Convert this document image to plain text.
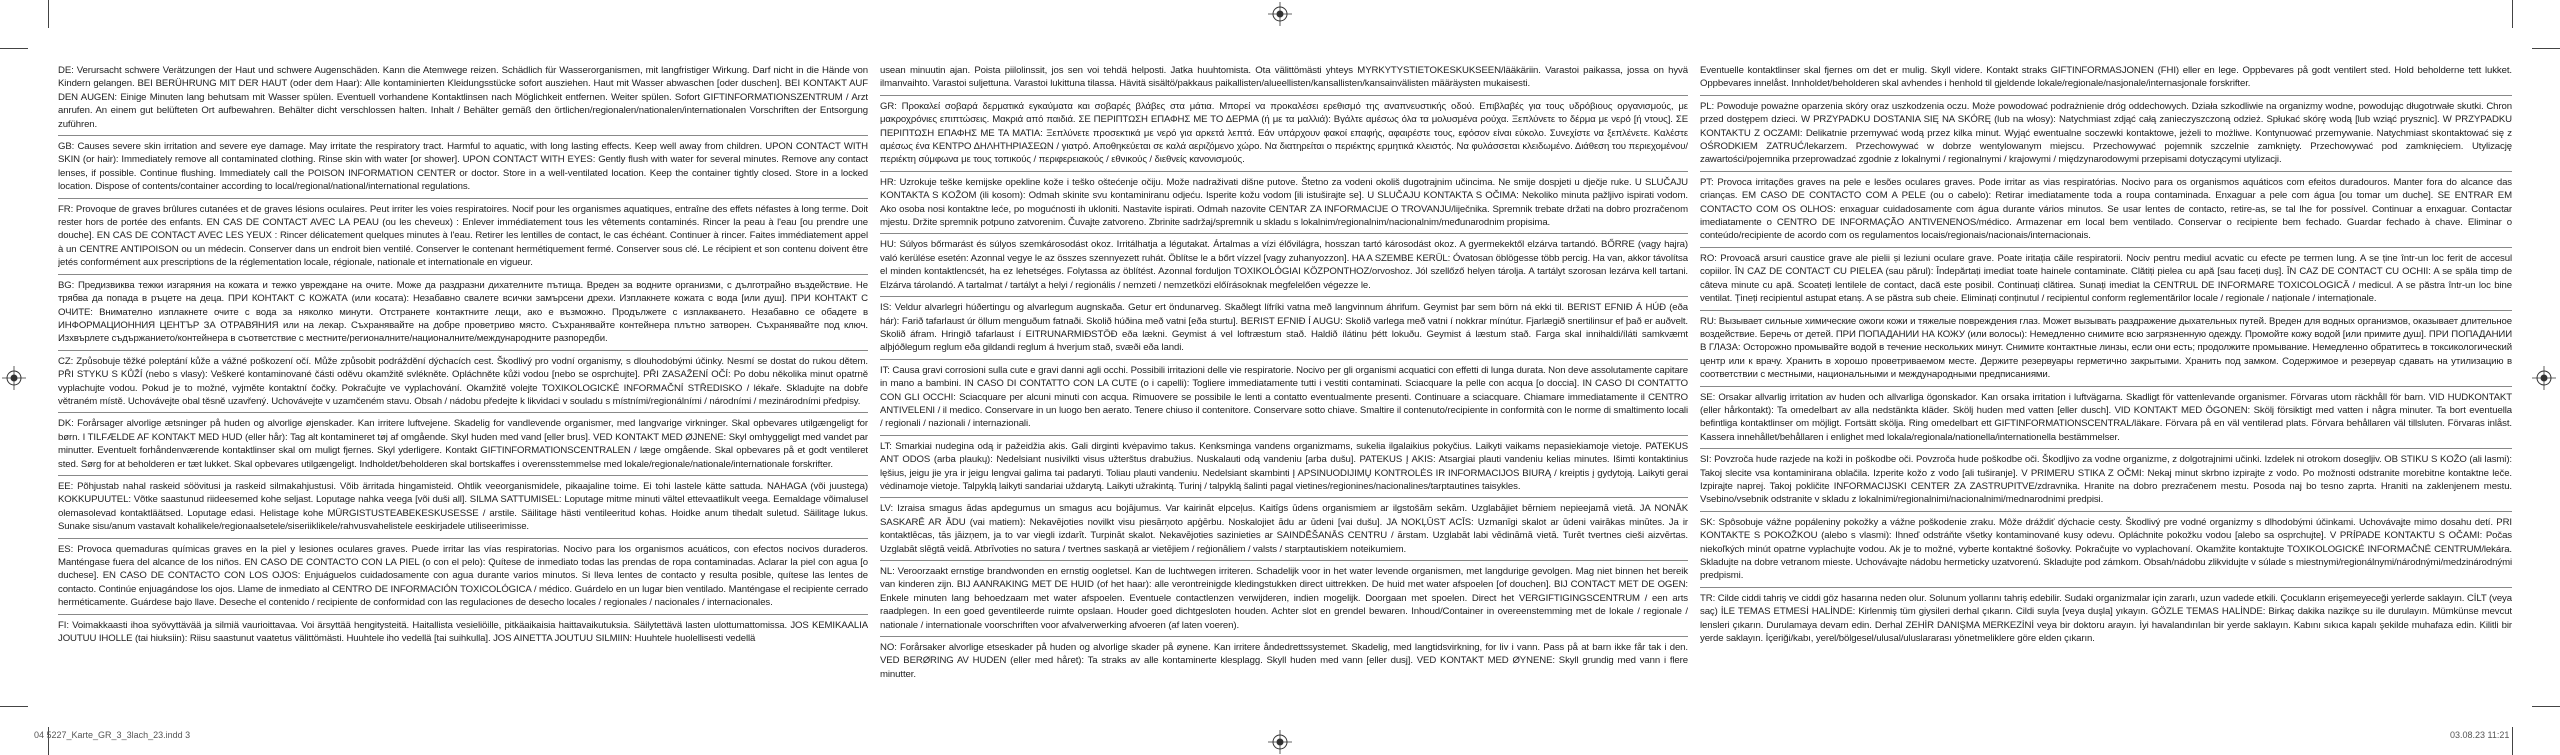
DE: Verursacht schwere Verätzungen der Haut und schwere Augenschäden. Kann die Atemwege reizen. Schädlich für Wasserorganismen, mit langfristiger Wirkung. Darf nicht in die Hände von Kindern gelangen. BEI BERÜHRUNG MIT DER HAUT (oder dem Haar): Alle kontaminierten Kleidungsstücke sofort ausziehen. Haut mit Wasser abwaschen [oder duschen]. BEI KONTAKT AUF DEN AUGEN: Einige Minuten lang behutsam mit Wasser spülen. Eventuell vorhandene Kontaktlinsen nach Möglichkeit entfernen. Weiter spülen. Sofort GIFTINFORMATIONSZENTRUM / Arzt anrufen. An einem gut belüfteten Ort aufbewahren. Behälter dicht verschlossen halten. Inhalt / Behälter gemäß den örtlichen/regionalen/nationalen/internationalen Vorschriften der Entsorgung zuführen.

GB: Causes severe skin irritation and severe eye damage. May irritate the respiratory tract. Harmful to aquatic, with long lasting effects. Keep well away from children. UPON CONTACT WITH SKIN (or hair): Immediately remove all contaminated clothing. Rinse skin with water [or shower]. UPON CONTACT WITH EYES: Gently flush with water for several minutes. Remove any contact lenses, if possible. Continue flushing. Immediately call the POISON INFORMATION CENTER or doctor. Store in a well-ventilated location. Keep the container tightly closed. Store in a locked location. Dispose of contents/container according to local/regional/national/international regulations.

FR: Provoque de graves brûlures cutanées et de graves lésions oculaires. Peut irriter les voies respiratoires. Nocif pour les organismes aquatiques, entraîne des effets néfastes à long terme. Doit rester hors de portée des enfants. EN CAS DE CONTACT AVEC LA PEAU (ou les cheveux) : Enlever immédiatement tous les vêtements contaminés. Rincer la peau à l'eau [ou prendre une douche]. EN CAS DE CONTACT AVEC LES YEUX : Rincer délicatement quelques minutes à l'eau. Retirer les lentilles de contact, le cas échéant. Continuer à rincer. Faites immédiatement appel à un CENTRE ANTIPOISON ou un médecin. Conserver dans un endroit bien ventilé. Conserver le contenant hermétiquement fermé. Conserver sous clé. Le récipient et son contenu doivent être jetés conformément aux prescriptions de la réglementation locale, régionale, nationale et internationale en vigueur.

BG: Предизвиква тежки изгаряния на кожата и тежко увреждане на очите. Може да раздразни дихателните пътища. Вреден за водните организми, с дълготрайно въздействие. Не трябва да попада в ръцете на деца. ПРИ КОНТАКТ С КОЖАТА (или косата): Незабавно свалете всички замърсени дрехи. Изплакнете кожата с вода [или душ]. ПРИ КОНТАКТ С ОЧИТЕ: Внимателно изплакнете очите с вода за няколко минути. Отстранете контактните лещи, ако е възможно. Продължете с изплакването. Незабавно се обадете в ИНФОРМАЦИОННИЯ ЦЕНТЪР ЗА ОТРАВЯНИЯ или на лекар. Съхранявайте на добре проветриво място. Съхранявайте контейнера плътно затворен. Съхранявайте под ключ. Изхвърлете съдържанието/контейнера в съответствие с местните/регионалните/националните/международните разпоредби.

CZ: Způsobuje těžké poleptání kůže a vážné poškození očí. Může způsobit podráždění dýchacích cest. Škodlivý pro vodní organismy, s dlouhodobými účinky. Nesmí se dostat do rukou dětem. PŘI STYKU S KŮŽÍ (nebo s vlasy): Veškeré kontaminované části oděvu okamžitě svlékněte. Opláchněte kůži vodou [nebo se osprchujte]. PŘI ZASAŽENÍ OČÍ: Po dobu několika minut opatrně vyplachujte vodou. Pokud je to možné, vyjměte kontaktní čočky. Pokračujte ve vyplachování. Okamžitě volejte TOXIKOLOGICKÉ INFORMAČNÍ STŘEDISKO / lékaře. Skladujte na dobře větraném místě. Uchovávejte obal těsně uzavřený. Uchovávejte v uzamčeném stavu. Obsah / nádobu předejte k likvidaci v souladu s místními/regionálními / národními / mezinárodními předpisy.

DK: Forårsager alvorlige ætsninger på huden og alvorlige øjenskader. Kan irritere luftvejene. Skadelig for vandlevende organismer, med langvarige virkninger. Skal opbevares utilgængeligt for børn. I TILFÆLDE AF KONTAKT MED HUD (eller hår): Tag alt kontamineret tøj af omgående. Skyl huden med vand [eller brus]. VED KONTAKT MED ØJNENE: Skyl omhyggeligt med vandet par minutter. Eventuelt forhåndenværende kontaktlinser skal om muligt fjernes. Skyl yderligere. Kontakt GIFTINFORMATIONSCENTRALEN / læge omgående. Skal opbevares på et godt ventileret sted. Sørg for at beholderen er tæt lukket. Skal opbevares utilgængeligt. Indholdet/beholderen skal bortskaffes i overensstemmelse med lokale/regionale/nationale/internationale forskrifter.

EE: Põhjustab nahal raskeid söövitusi ja raskeid silmakahjustusi. Võib ärritada hingamisteid. Ohtlik veeorganismidele, pikaajaline toime. Ei tohi lastele kätte sattuda. NAHAGA (või juustega) KOKKUPUUTEL: Võtke saastunud riideesemed kohe seljast. Loputage nahka veega [või duši all]. SILMA SATTUMISEL: Loputage mitme minuti vältel ettevaatlikult veega. Eemaldage võimalusel olemasolevad kontaktläätsed. Loputage edasi. Helistage kohe MÜRGISTUSTEABEKESKUSESSE / arstile. Säilitage hästi ventileeritud kohas. Hoidke anum tihedalt suletud. Säilitage lukus. Sunake sisu/anum vastavalt kohalikele/regionaalsetele/siseriiklikele/rahvusvahelistele eeskirjadele utiliseerimisse.

ES: Provoca quemaduras químicas graves en la piel y lesiones oculares graves. Puede irritar las vías respiratorias. Nocivo para los organismos acuáticos, con efectos nocivos duraderos. Manténgase fuera del alcance de los niños. EN CASO DE CONTACTO CON LA PIEL (o con el pelo): Quítese de inmediato todas las prendas de ropa contaminadas. Aclarar la piel con agua [o duchese]. EN CASO DE CONTACTO CON LOS OJOS: Enjuáguelos cuidadosamente con agua durante varios minutos. Si lleva lentes de contacto y resulta posible, quítese las lentes de contacto. Continúe enjuagándose los ojos. Llame de inmediato al CENTRO DE INFORMACIÓN TOXICOLÓGICA / médico. Guárdelo en un lugar bien ventilado. Manténgase el recipiente cerrado herméticamente. Guárdese bajo llave. Deseche el contenido / recipiente de conformidad con las regulaciones de desecho locales / regionales / nacionales / internacionales.

FI: Voimakkaasti ihoa syövyttävää ja silmiä vaurioittavaa. Voi ärsyttää hengitysteitä. Haitallista vesieliöille, pitkäaikaisia haittavaikutuksia. Säilytettävä lasten ulottumattomissa. JOS KEMIKAALIA JOUTUU IHOLLE (tai hiuksiin): Riisu saastunut vaatetus välittömästi. Huuhtele iho vedellä [tai suihkulla]. JOS AINETTA JOUTUU SILMIIN: Huuhtele huolellisesti vedellä

usean minuutin ajan. Poista piilolinssit, jos sen voi tehdä helposti. Jatka huuhtomista. Ota välittömästi yhteys MYRKYTYSTIETOKESKUKSEEN/lääkäriin. Varastoi paikassa, jossa on hyvä ilmanvaihto. Varastoi suljettuna. Varastoi lukittuna tilassa. Hävitä sisältö/pakkaus paikallisten/alueellisten/kansallisten/kansainvälisten määräysten mukaisesti.

GR: Προκαλεί σοβαρά δερματικά εγκαύματα και σοβαρές βλάβες στα μάτια. Μπορεί να προκαλέσει ερεθισμό της αναπνευστικής οδού. Επιβλαβές για τους υδρόβιους οργανισμούς, με μακροχρόνιες επιπτώσεις. Μακριά από παιδιά. ΣΕ ΠΕΡΙΠΤΩΣΗ ΕΠΑΦΗΣ ΜΕ ΤΟ ΔΕΡΜΑ (ή με τα μαλλιά): Βγάλτε αμέσως όλα τα μολυσμένα ρούχα. Ξεπλύνετε το δέρμα με νερό [ή ντους]. ΣΕ ΠΕΡΙΠΤΩΣΗ ΕΠΑΦΗΣ ΜΕ ΤΑ ΜΑΤΙΑ: Ξεπλύνετε προσεκτικά με νερό για αρκετά λεπτά. Εάν υπάρχουν φακοί επαφής, αφαιρέστε τους, εφόσον είναι εύκολο. Συνεχίστε να ξεπλένετε. Καλέστε αμέσως ένα ΚΕΝΤΡΟ ΔΗΛΗΤΗΡΙΑΣΕΩΝ / γιατρό. Αποθηκεύεται σε καλά αεριζόμενο χώρο. Να διατηρείται ο περιέκτης ερμητικά κλειστός. Να φυλάσσεται κλειδωμένο. Διάθεση του περιεχομένου/ περιέκτη σύμφωνα με τους τοπικούς / περιφερειακούς / εθνικούς / διεθνείς κανονισμούς.

HR: Uzrokuje teške kemijske opekline kože i teško oštećenje očiju. Može nadraživati dišne putove. Štetno za vodeni okoliš dugotrajnim učincima. Ne smije dospjeti u dječje ruke. U SLUČAJU KONTAKTA S KOŽOM (ili kosom): Odmah skinite svu kontaminiranu odjeću. Isperite kožu vodom [ili istuširajte se]. U SLUČAJU KONTAKTA S OČIMA: Nekoliko minuta pažljivo ispirati vodom. Ako osoba nosi kontaktne leće, po mogućnosti ih ukloniti. Nastavite ispirati. Odmah nazovite CENTAR ZA INFORMACIJE O TROVANJU/liječnika. Spremnik trebate držati na dobro prozračenom mjestu. Držite spremnik potpuno zatvorenim. Čuvajte zatvoreno. Zbrinite sadržaj/spremnik u skladu s lokalnim/regionalnim/nacionalnim/međunarodnim propisima.

HU: Súlyos bőrmarást és súlyos szemkárosodást okoz. Irritálhatja a légutakat. Ártalmas a vízi élővilágra, hosszan tartó károsodást okoz. A gyermekektől elzárva tartandó. BŐRRE (vagy hajra) való kerülése esetén: Azonnal vegye le az összes szennyezett ruhát. Öblítse le a bőrt vízzel [vagy zuhanyozzon]. HA A SZEMBE KERÜL: Óvatosan öblögesse több percig. Ha van, akkor távolítsa el minden kontaktlencsét, ha ez lehetséges. Folytassa az öblítést. Azonnal forduljon TOXIKOLÓGIAI KÖZPONTHOZ/orvoshoz. Jól szellőző helyen tárolja. A tartályt szorosan lezárva kell tartani. Elzárva tárolandó. A tartalmat / tartályt a helyi / regionális / nemzeti / nemzetközi előírásoknak megfelelően végezze le.

IS: Veldur alvarlegri húðertingu og alvarlegum augnskaða. Getur ert öndunarveg. Skaðlegt lífríki vatna með langvinnum áhrifum. Geymist þar sem börn ná ekki til. BERIST EFNIÐ Á HÚÐ (eða hár): Farið tafarlaust úr öllum menguðum fatnaði. Skolið húðina með vatni [eða sturtu]. BERIST EFNIÐ Í AUGU: Skolið varlega með vatni í nokkrar mínútur. Fjarlægið snertilinsur ef það er auðvelt. Skolið áfram. Hringið tafarlaust í EITRUNARMIÐSTÖÐ eða lækni. Geymist á vel loftræstum stað. Haldið ílátinu þétt lokuðu. Geymist á læstum stað. Farga skal innihaldi/íláti samkvæmt alþjóðlegum reglum eða gildandi reglum á hverjum stað, svæði eða landi.

IT: Causa gravi corrosioni sulla cute e gravi danni agli occhi. Possibili irritazioni delle vie respiratorie. Nocivo per gli organismi acquatici con effetti di lunga durata. Non deve assolutamente capitare in mano a bambini. IN CASO DI CONTATTO CON LA CUTE (o i capelli): Togliere immediatamente tutti i vestiti contaminati. Sciacquare la pelle con acqua [o doccia]. IN CASO DI CONTATTO CON GLI OCCHI: Sciacquare per alcuni minuti con acqua. Rimuovere se possibile le lenti a contatto eventualmente presenti. Continuare a sciacquare. Chiamare immediatamente il CENTRO ANTIVELENI / il medico. Conservare in un luogo ben aerato. Tenere chiuso il contenitore. Conservare sotto chiave. Smaltire il contenuto/recipiente in conformità con le norme di smaltimento locali / regionali / nazionali / internazionali.

LT: Smarkiai nudegina odą ir pažeidžia akis. Gali dirginti kvėpavimo takus. Kenksminga vandens organizmams, sukelia ilgalaikius pokyčius. Laikyti vaikams nepasiekiamoje vietoje. PATEKUS ANT ODOS (arba plaukų): Nedelsiant nusivilkti visus užterštus drabužius. Nuskalauti odą vandeniu [arba dušu]. PATEKUS Į AKIS: Atsargiai plauti vandeniu kelias minutes. Išimti kontaktinius lęšius, jeigu jie yra ir jeigu lengvai galima tai padaryti. Toliau plauti vandeniu. Nedelsiant skambinti Į APSINUODIJIMŲ KONTROLĖS IR INFORMACIJOS BIURĄ / kreiptis į gydytoją. Laikyti gerai vėdinamoje vietoje. Talpyklą laikyti sandariai uždarytą. Laikyti užrakintą. Turinį / talpyklą šalinti pagal vietines/regionines/nacionalines/tarptautines taisykles.

LV: Izraisa smagus ādas apdegumus un smagus acu bojājumus. Var kairināt elpceļus. Kaitīgs ūdens organismiem ar ilgstošām sekām. Uzglabājiet bērniem nepieejamā vietā. JA NONĀK SASKARĒ AR ĀDU (vai matiem): Nekavējoties novilkt visu piesārņoto apģērbu. Noskalojiet ādu ar ūdeni [vai dušu]. JA NOKĻŪST ACĪS: Uzmanīgi skalot ar ūdeni vairākas minūtes. Ja ir kontaktlēcas, tās jāizņem, ja to var viegli izdarīt. Turpināt skalot. Nekavējoties sazinieties ar SAINDĒŠANĀS CENTRU / ārstam. Uzglabāt labi vēdināmā vietā. Turēt tvertnes cieši aizvērtas. Uzglabāt slēgtā veidā. Atbrīvoties no satura / tvertnes saskaņā ar vietējiem / reģionāliem / valsts / starptautiskiem noteikumiem.

NL: Veroorzaakt ernstige brandwonden en ernstig oogletsel. Kan de luchtwegen irriteren. Schadelijk voor in het water levende organismen, met langdurige gevolgen. Mag niet binnen het bereik van kinderen zijn. BIJ AANRAKING MET DE HUID (of het haar): alle verontreinigde kledingstukken direct uittrekken. De huid met water afspoelen [of douchen]. BIJ CONTACT MET DE OGEN: Enkele minuten lang behoedzaam met water afspoelen. Eventuele contactlenzen verwijderen, indien mogelijk. Doorgaan met spoelen. Direct het VERGIFTIGINGSCENTRUM / een arts raadplegen. In een goed geventileerde ruimte opslaan. Houder goed dichtgesloten houden. Achter slot en grendel bewaren. Inhoud/Container in overeenstemming met de lokale / regionale / nationale / internationale voorschriften voor afvalverwerking afvoeren (af laten voeren).

NO: Forårsaker alvorlige etseskader på huden og alvorlige skader på øynene. Kan irritere åndedrettssystemet. Skadelig, med langtidsvirkning, for liv i vann. Pass på at barn ikke får tak i den. VED BERØRING AV HUDEN (eller med håret): Ta straks av alle kontaminerte klesplagg. Skyll huden med vann [eller dusj]. VED KONTAKT MED ØYNENE: Skyll grundig med vann i flere minutter.

Eventuelle kontaktlinser skal fjernes om det er mulig. Skyll videre. Kontakt straks GIFTINFORMASJONEN (FHI) eller en lege. Oppbevares på godt ventilert sted. Hold beholderne tett lukket. Oppbevares innelåst. Innholdet/beholderen skal avhendes i henhold til gjeldende lokale/regionale/nasjonale/internasjonale forskrifter.

PL: Powoduje poważne oparzenia skóry oraz uszkodzenia oczu. Może powodować podrażnienie dróg oddechowych. Działa szkodliwie na organizmy wodne, powodując długotrwałe skutki. Chron przed dostępem dzieci. W PRZYPADKU DOSTANIA SIĘ NA SKÓRĘ (lub na włosy): Natychmiast zdjąć całą zanieczyszczoną odzież. Spłukać skórę wodą [lub wziąć prysznic]. W PRZYPADKU KONTAKTU Z OCZAMI: Delikatnie przemywać wodą przez kilka minut. Wyjąć ewentualne soczewki kontaktowe, jeżeli to możliwe. Kontynuować przemywanie. Natychmiast skontaktować się z OŚRODKIEM ZATRUĆ/lekarzem. Przechowywać w dobrze wentylowanym miejscu. Przechowywać pojemnik szczelnie zamknięty. Przechowywać pod zamknięciem. Utylizację zawartości/pojemnika przeprowadzać zgodnie z lokalnymi / regionalnymi / krajowymi / międzynarodowymi przepisami dotyczącymi utylizacji.

PT: Provoca irritações graves na pele e lesões oculares graves. Pode irritar as vias respiratórias. Nocivo para os organismos aquáticos com efeitos duradouros. Manter fora do alcance das crianças. EM CASO DE CONTACTO COM A PELE (ou o cabelo): Retirar imediatamente toda a roupa contaminada. Enxaguar a pele com água [ou tomar um duche]. SE ENTRAR EM CONTACTO COM OS OLHOS: enxaguar cuidadosamente com água durante vários minutos. Se usar lentes de contacto, retire-as, se tal lhe for possível. Continuar a enxaguar. Contactar imediatamente o CENTRO DE INFORMAÇÃO ANTIVENENOS/médico. Armazenar em local bem ventilado. Conservar o recipiente bem fechado. Guardar fechado à chave. Eliminar o conteúdo/recipiente de acordo com os regulamentos locais/regionais/nacionais/internacionais.

RO: Provoacă arsuri caustice grave ale pielii și leziuni oculare grave. Poate iritația căile respiratorii. Nociv pentru mediul acvatic cu efecte pe termen lung. A se ține într-un loc ferit de accesul copiilor. ÎN CAZ DE CONTACT CU PIELEA (sau părul): Îndepărtați imediat toate hainele contaminate. Clătiți pielea cu apă [sau faceți duș]. ÎN CAZ DE CONTACT CU OCHII: A se spăla timp de câteva minute cu apă. Scoateți lentilele de contact, dacă este posibil. Continuați clătirea. Sunați imediat la CENTRUL DE INFORMARE TOXICOLOGICĂ / medicul. A se păstra într-un loc bine ventilat. Țineți recipientul astupat etanș. A se păstra sub cheie. Eliminați conținutul / recipientul conform reglementărilor locale / regionale / naționale / internaționale.

RU: Вызывает сильные химические ожоги кожи и тяжелые повреждения глаз. Может вызывать раздражение дыхательных путей. Вреден для водных организмов, оказывает длительное воздействие. Беречь от детей. ПРИ ПОПАДАНИИ НА КОЖУ (или волосы): Немедленно снимите всю загрязненную одежду. Промойте кожу водой [или примите душ]. ПРИ ПОПАДАНИИ В ГЛАЗА: Осторожно промывайте водой в течение нескольких минут. Снимите контактные линзы, если они есть; продолжите промывание. Немедленно обратитесь в токсикологический центр или к врачу. Хранить в хорошо проветриваемом месте. Держите резервуары герметично закрытыми. Хранить под замком. Содержимое и резервуар сдавать на утилизацию в соответствии с местными, национальными и международными предписаниями.

SE: Orsakar allvarlig irritation av huden och allvarliga ögonskador. Kan orsaka irritation i luftvägarna. Skadligt för vattenlevande organismer. Förvaras utom räckhåll för barn. VID HUDKONTAKT (eller hårkontakt): Ta omedelbart av alla nedstänkta kläder. Skölj huden med vatten [eller dusch]. VID KONTAKT MED ÖGONEN: Skölj försiktigt med vatten i några minuter. Ta bort eventuella befintliga kontaktlinser om möjligt. Fortsätt skölja. Ring omedelbart ett GIFTINFORMATIONSCENTRAL/läkare. Förvara på en väl ventilerad plats. Förvara behållaren väl tillsluten. Förvaras inlåst. Kassera innehållet/behållaren i enlighet med lokala/regionala/nationella/internationella bestämmelser.

SI: Povzroča hude razjede na koži in poškodbe oči. Povzroča hude poškodbe oči. Škodljivo za vodne organizme, z dolgotrajnimi učinki. Izdelek ni otrokom dosegljiv. OB STIKU S KOŽO (ali lasmi): Takoj slecite vsa kontaminirana oblačila. Izperite kožo z vodo [ali tuširanje]. V PRIMERU STIKA Z OČMI: Nekaj minut skrbno izpirajte z vodo. Po možnosti odstranite morebitne kontaktne leče. Izpirajte naprej. Takoj pokličite INFORMACIJSKI CENTER ZA ZASTRUPITVE/zdravnika. Hranite na dobro prezračenem mestu. Posoda naj bo tesno zaprta. Hraniti na zaklenjenem mestu. Vsebino/vsebnik odstranite v skladu z lokalnimi/regionalnimi/nacionalnimi/mednarodnimi predpisi.

SK: Spôsobuje vážne popáleniny pokožky a vážne poškodenie zraku. Môže dráždiť dýchacie cesty. Škodlivý pre vodné organizmy s dlhodobými účinkami. Uchovávajte mimo dosahu detí. PRI KONTAKTE S POKOŽKOU (alebo s vlasmi): Ihneď odstráňte všetky kontaminované kusy odevu. Opláchnite pokožku vodou [alebo sa osprchujte]. V PRÍPADE KONTAKTU S OČAMI: Počas niekoľkých minút opatrne vyplachujte vodou. Ak je to možné, vyberte kontaktné šošovky. Pokračujte vo vyplachovaní. Okamžite kontaktujte TOXIKOLOGICKÉ INFORMAČNÉ CENTRUM/lekára. Skladujte na dobre vetranom mieste. Uchovávajte nádobu hermeticky uzatvorenú. Skladujte pod zámkom. Obsah/nádobu zlikvidujte v súlade s miestnymi/regionálnymi/národnými/medzinárodnými predpismi.

TR: Cilde ciddi tahriş ve ciddi göz hasarına neden olur. Solunum yollarını tahriş edebilir. Sudaki organizmalar için zararlı, uzun vadede etkili. Çocukların erişemeyeceği yerlerde saklayın. CİLT (veya saç) İLE TEMAS ETMESİ HALİNDE: Kirlenmiş tüm giysileri derhal çıkarın. Cildi suyla [veya duşla] yıkayın. GÖZLE TEMAS HALİNDE: Birkaç dakika nazikçe su ile durulayın. Mümkünse mevcut lensleri çıkarın. Durulamaya devam edin. Derhal ZEHİR DANIŞMA MERKEZİNİ veya bir doktoru arayın. İyi havalandırılan bir yerde saklayın. Kabını sıkıca kapalı şekilde muhafaza edin. Kilitli bir yerde saklayın. İçeriği/kabı, yerel/bölgesel/ulusal/uluslararası yönetmeliklere göre elden çıkarın.

04 5227_Karte_GR_3_3lach_23.indd 3	03.08.23 11:21
